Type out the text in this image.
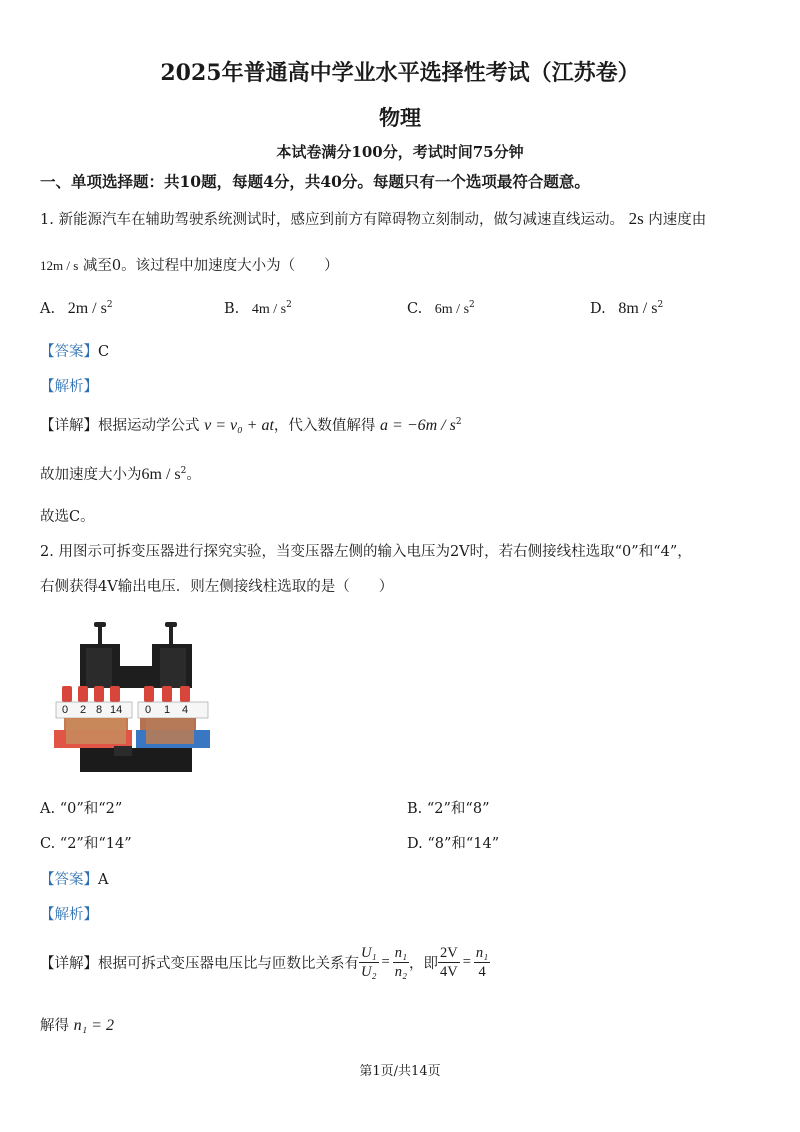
2025年普通高中学业水平选择性考试（江苏卷）
物理
本试卷满分100分，考试时间75分钟
一、单项选择题：共10题，每题4分，共40分。每题只有一个选项最符合题意。
1. 新能源汽车在辅助驾驶系统测试时，感应到前方有障碍物立刻制动，做匀减速直线运动。 2s 内速度由
12m / s 减至0。该过程中加速度大小为（　　）
A. $2m / s^2$	B. $4m / s^2$	C. $6m / s^2$	D. $8m / s^2$
【答案】C
【解析】
【详解】根据运动学公式 v = v₀ + at，代入数值解得 $a = -6m / s^2$
故加速度大小为$6m / s^2$。
故选C。
2. 用图示可拆变压器进行探究实验，当变压器左侧的输入电压为2V时，若右侧接线柱选取“0”和“4”，
右侧获得4V输出电压．则左侧接线柱选取的是（　　）
0 2 8 14 0 1 4
A. “0”和“2”	B. “2”和“8”
C. “2”和“14”	D. “8”和“14”
【答案】A
【解析】
【详解】 根据可拆式变压器电压比与匝数比关系有 $\frac{\text{U₁}}{\text{U₂}} = \frac{\text{n₁}}{\text{n₂}}$ ，即 $\frac{2V}{4V} = \frac{\text{n₁}}{4}$
解得 n₁ = 2
第1页/共14页
